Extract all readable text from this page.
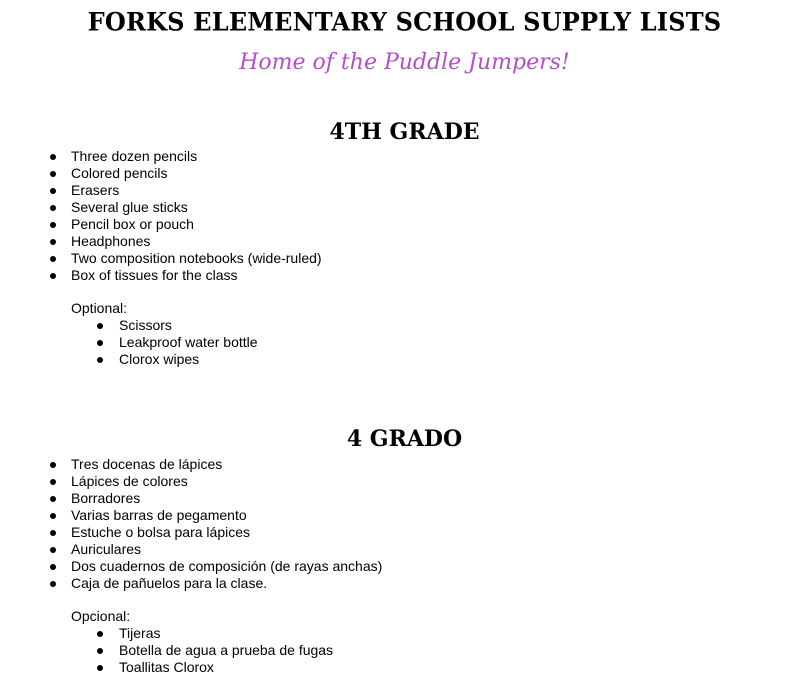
FORKS ELEMENTARY SCHOOL SUPPLY LISTS
Home of the Puddle Jumpers!
4TH GRADE
Three dozen pencils
Colored pencils
Erasers
Several glue sticks
Pencil box or pouch
Headphones
Two composition notebooks (wide-ruled)
Box of tissues for the class
Optional:
Scissors
Leakproof water bottle
Clorox wipes
4 GRADO
Tres docenas de lápices
Lápices de colores
Borradores
Varias barras de pegamento
Estuche o bolsa para lápices
Auriculares
Dos cuadernos de composición (de rayas anchas)
Caja de pañuelos para la clase.
Opcional:
Tijeras
Botella de agua a prueba de fugas
Toallitas Clorox
